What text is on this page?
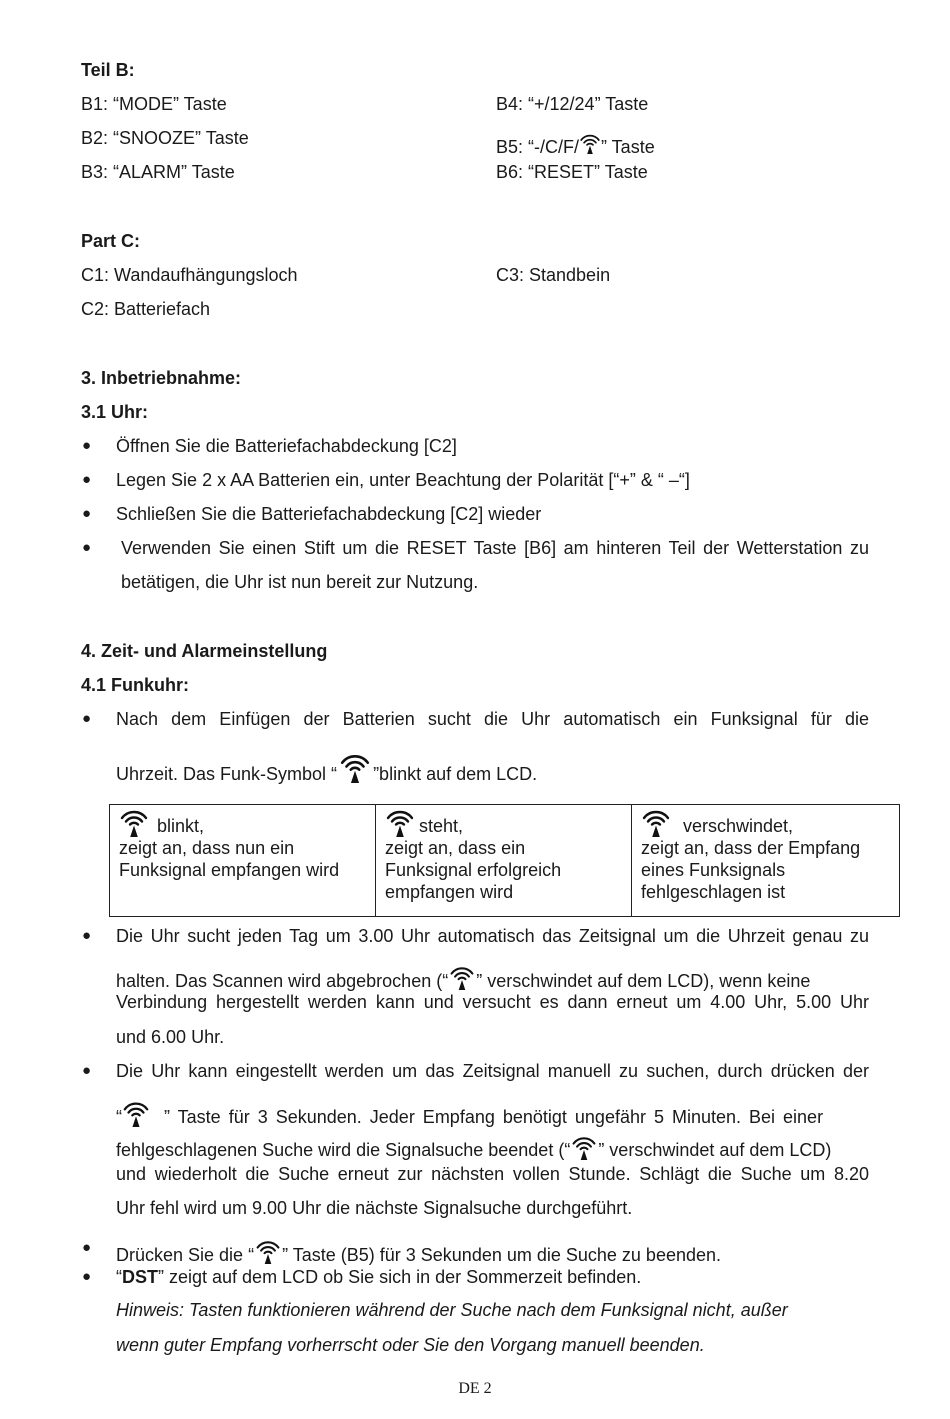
Teil B:
B1: “MODE” Taste
B2: “SNOOZE” Taste
B3: “ALARM” Taste
B4: “+/12/24” Taste
B5: “-/C/F/ ” Taste
B6: “RESET” Taste
Part C:
C1: Wandaufhängungsloch
C2: Batteriefach
C3: Standbein
3. Inbetriebnahme:
3.1 Uhr:
● Öffnen Sie die Batteriefachabdeckung [C2]
● Legen Sie 2 x AA Batterien ein, unter Beachtung der Polarität [“+” & “ –“]
● Schließen Sie die Batteriefachabdeckung [C2] wieder
● Verwenden Sie einen Stift um die RESET Taste [B6] am hinteren Teil der Wetterstation zu betätigen, die Uhr ist nun bereit zur Nutzung.
4. Zeit- und Alarmeinstellung
4.1 Funkuhr:
● Nach dem Einfügen der Batterien sucht die Uhr automatisch ein Funksignal für die
Uhrzeit. Das Funk-Symbol “ ”blinkt auf dem LCD.
blinkt,
zeigt an, dass nun ein
Funksignal empfangen wird

steht,
zeigt an, dass ein
Funksignal erfolgreich
empfangen wird

verschwindet,
zeigt an, dass der Empfang
eines Funksignals
fehlgeschlagen ist
● Die Uhr sucht jeden Tag um 3.00 Uhr automatisch das Zeitsignal um die Uhrzeit genau zu
halten. Das Scannen wird abgebrochen (“ ” verschwindet auf dem LCD), wenn keine
Verbindung hergestellt werden kann und versucht es dann erneut um 4.00 Uhr, 5.00 Uhr
und 6.00 Uhr.
● Die Uhr kann eingestellt werden um das Zeitsignal manuell zu suchen, durch drücken der
“ ” Taste für 3 Sekunden. Jeder Empfang benötigt ungefähr 5 Minuten. Bei einer
fehlgeschlagenen Suche wird die Signalsuche beendet (“ ” verschwindet auf dem LCD)
und wiederholt die Suche erneut zur nächsten vollen Stunde. Schlägt die Suche um 8.20
Uhr fehl wird um 9.00 Uhr die nächste Signalsuche durchgeführt.
● Drücken Sie die “ ” Taste (B5) für 3 Sekunden um die Suche zu beenden.
● “DST” zeigt auf dem LCD ob Sie sich in der Sommerzeit befinden.
Hinweis: Tasten funktionieren während der Suche nach dem Funksignal nicht, außer
wenn guter Empfang vorherrscht oder Sie den Vorgang manuell beenden.
DE 2
